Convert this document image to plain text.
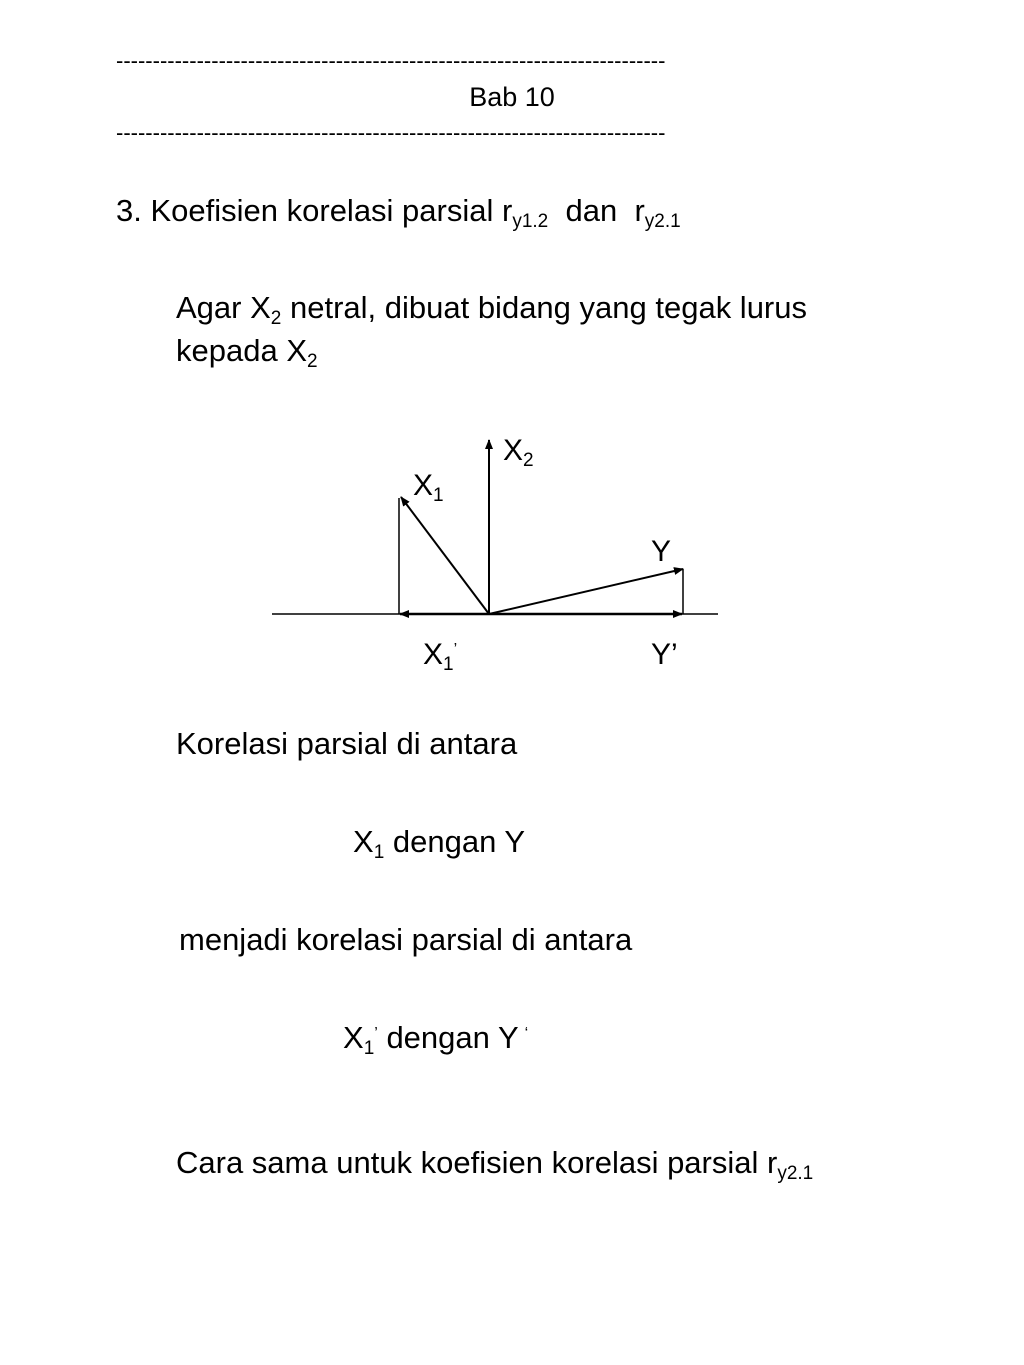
---------------------------------------------------------------------------
Bab 10
---------------------------------------------------------------------------
3. Koefisien korelasi parsial $r_{y1.2}$ dan $r_{y2.1}$
Agar $X_2$ netral, dibuat bidang yang tegak lurus
kepada $X_2$
$X_2$
$X_1$
Y
$X_1^’$	Y’
Korelasi parsial di antara
$X_1$ dengan Y
menjadi korelasi parsial di antara
$X_1^’$ dengan Y ‘
Cara sama untuk koefisien korelasi parsial $r_{y2.1}$
